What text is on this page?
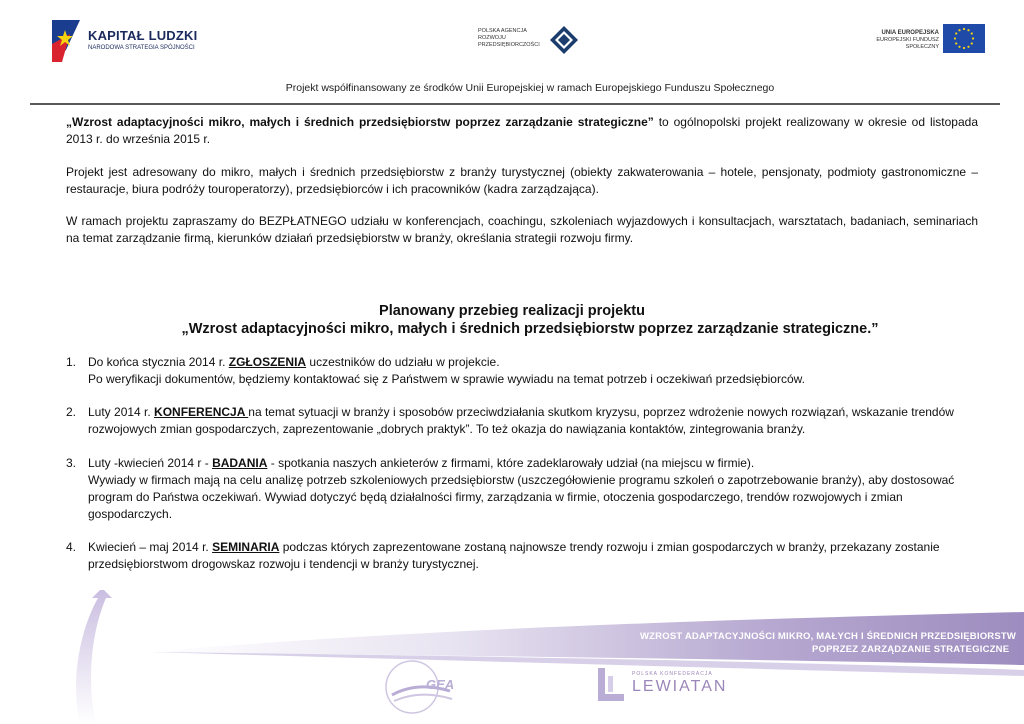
KAPITAŁ LUDZKI
NARODOWA STRATEGIA SPÓJNOŚCI
POLSKA AGENCJA ROZWOJU PRZEDSIĘBIORCZOŚCI
UNIA EUROPEJSKA
EUROPEJSKI FUNDUSZ SPOŁECZNY
Projekt współfinansowany ze środków Unii Europejskiej w ramach Europejskiego Funduszu Społecznego
„Wzrost adaptacyjności mikro, małych i średnich przedsiębiorstw poprzez zarządzanie strategiczne” to ogólnopolski projekt realizowany w okresie od listopada 2013 r. do września 2015 r.
Projekt jest adresowany do mikro, małych i średnich przedsiębiorstw z branży turystycznej (obiekty zakwaterowania – hotele, pensjonaty, podmioty gastronomiczne – restauracje, biura podróży touroperatorzy), przedsiębiorców i ich pracowników (kadra zarządzająca).
W ramach projektu zapraszamy do BEZPŁATNEGO udziału w konferencjach, coachingu, szkoleniach wyjazdowych i konsultacjach, warsztatach, badaniach, seminariach na temat zarządzanie firmą, kierunków działań przedsiębiorstw w branży, określania strategii rozwoju firmy.
Planowany przebieg realizacji projektu
„Wzrost adaptacyjności mikro, małych i średnich przedsiębiorstw poprzez zarządzanie strategiczne.”
1. Do końca stycznia 2014 r. ZGŁOSZENIA uczestników do udziału w projekcie.
Po weryfikacji dokumentów, będziemy kontaktować się z Państwem w sprawie wywiadu na temat potrzeb i oczekiwań przedsiębiorców.
2. Luty 2014 r. KONFERENCJA na temat sytuacji w branży i sposobów przeciwdziałania skutkom kryzysu, poprzez wdrożenie nowych rozwiązań, wskazanie trendów
rozwojowych zmian gospodarczych, zaprezentowanie „dobrych praktyk”. To też okazja do nawiązania kontaktów, zintegrowania branży.
3. Luty -kwiecień 2014 r - BADANIA - spotkania naszych ankieterów z firmami, które zadeklarowały udział (na miejscu w firmie).
Wywiady w firmach mają na celu analizę potrzeb szkoleniowych przedsiębiorstw (uszczegółowienie programu szkoleń o zapotrzebowanie branży), aby dostosować program do Państwa oczekiwań. Wywiad dotyczyć będą działalności firmy, zarządzania w firmie, otoczenia gospodarczego, trendów rozwojowych i zmian gospodarczych.
4. Kwiecień – maj 2014 r. SEMINARIA podczas których zaprezentowane zostaną najnowsze trendy rozwoju i zmian gospodarczych w branży, przekazany zostanie
przedsiębiorstwom drogowskaz rozwoju i tendencji w branży turystycznej.
WZROST ADAPTACYJNOŚCI MIKRO, MAŁYCH I ŚREDNICH PRZEDSIĘBIORSTW
POPRZEZ ZARZĄDZANIE STRATEGICZNE
GEA
POLSKA KONFEDERACJA
LEWIATAN
